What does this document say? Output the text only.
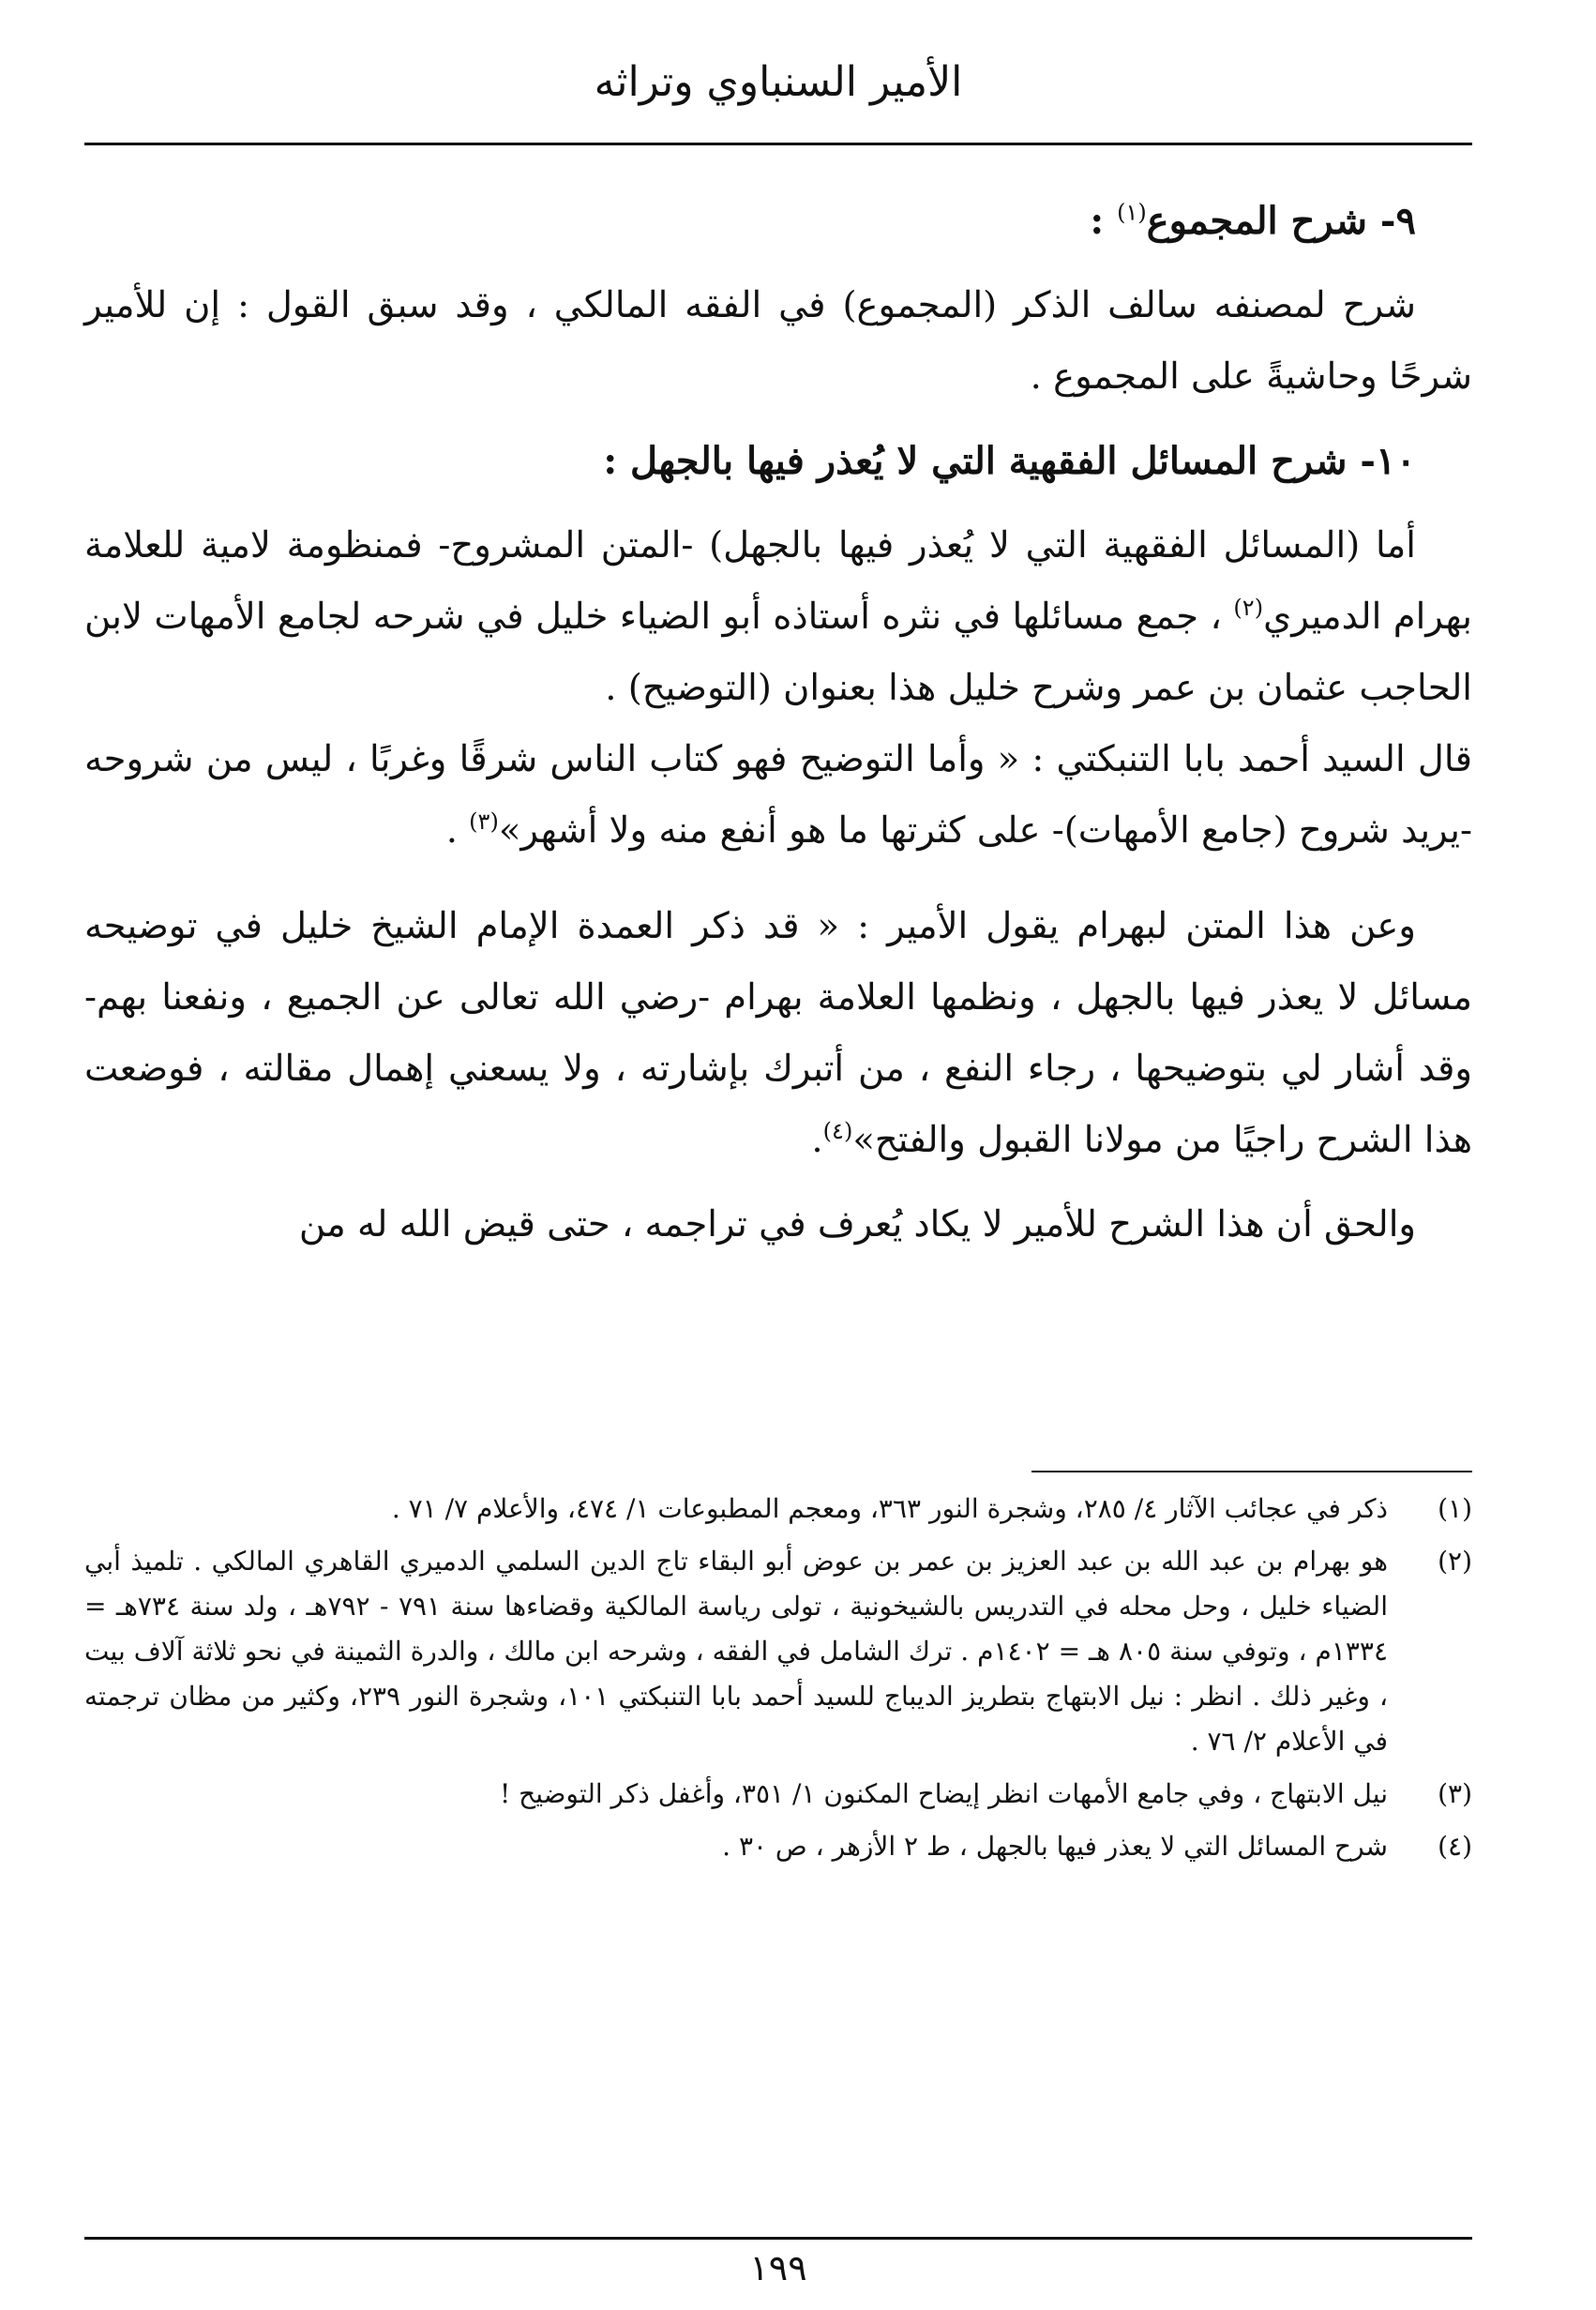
الأمير السنباوي وتراثه

٩- شرح المجموع$^{(١)}$ :

شرح لمصنفه سالف الذكر (المجموع) في الفقه المالكي ، وقد سبق القول : إن للأمير شرحًا وحاشيةً على المجموع .

١٠- شرح المسائل الفقهية التي لا يُعذر فيها بالجهل :

أما (المسائل الفقهية التي لا يُعذر فيها بالجهل) -المتن المشروح- فمنظومة لامية للعلامة بهرام الدميري$^{(٢)}$ ، جمع مسائلها في نثره أستاذه أبو الضياء خليل في شرحه لجامع الأمهات لابن الحاجب عثمان بن عمر وشرح خليل هذا بعنوان (التوضيح) .

قال السيد أحمد بابا التنبكتي : « وأما التوضيح فهو كتاب الناس شرقًا وغربًا ، ليس من شروحه -يريد شروح (جامع الأمهات)- على كثرتها ما هو أنفع منه ولا أشهر»$^{(٣)}$ .

وعن هذا المتن لبهرام يقول الأمير : « قد ذكر العمدة الإمام الشيخ خليل في توضيحه مسائل لا يعذر فيها بالجهل ، ونظمها العلامة بهرام -رضي الله تعالى عن الجميع ، ونفعنا بهم- وقد أشار لي بتوضيحها ، رجاء النفع ، من أتبرك بإشارته ، ولا يسعني إهمال مقالته ، فوضعت هذا الشرح راجيًا من مولانا القبول والفتح»$^{(٤)}$.

والحق أن هذا الشرح للأمير لا يكاد يُعرف في تراجمه ، حتى قيض الله له من

(١)
ذكر في عجائب الآثار ٤/ ٢٨٥، وشجرة النور ٣٦٣، ومعجم المطبوعات ١/ ٤٧٤، والأعلام ٧/ ٧١ .
(٢)
هو بهرام بن عبد الله بن عبد العزيز بن عمر بن عوض أبو البقاء تاج الدين السلمي الدميري القاهري المالكي . تلميذ أبي الضياء خليل ، وحل محله في التدريس بالشيخونية ، تولى رياسة المالكية وقضاءها سنة ٧٩١ - ٧٩٢هـ ، ولد سنة ٧٣٤هـ = ١٣٣٤م ، وتوفي سنة ٨٠٥ هـ = ١٤٠٢م . ترك الشامل في الفقه ، وشرحه ابن مالك ، والدرة الثمينة في نحو ثلاثة آلاف بيت ، وغير ذلك . انظر : نيل الابتهاج بتطريز الديباج للسيد أحمد بابا التنبكتي ١٠١، وشجرة النور ٢٣٩، وكثير من مظان ترجمته في الأعلام ٢/ ٧٦ .
(٣)
نيل الابتهاج ، وفي جامع الأمهات انظر إيضاح المكنون ١/ ٣٥١، وأغفل ذكر التوضيح !
(٤)
شرح المسائل التي لا يعذر فيها بالجهل ، ط ٢ الأزهر ، ص ٣٠ .
١٩٩
